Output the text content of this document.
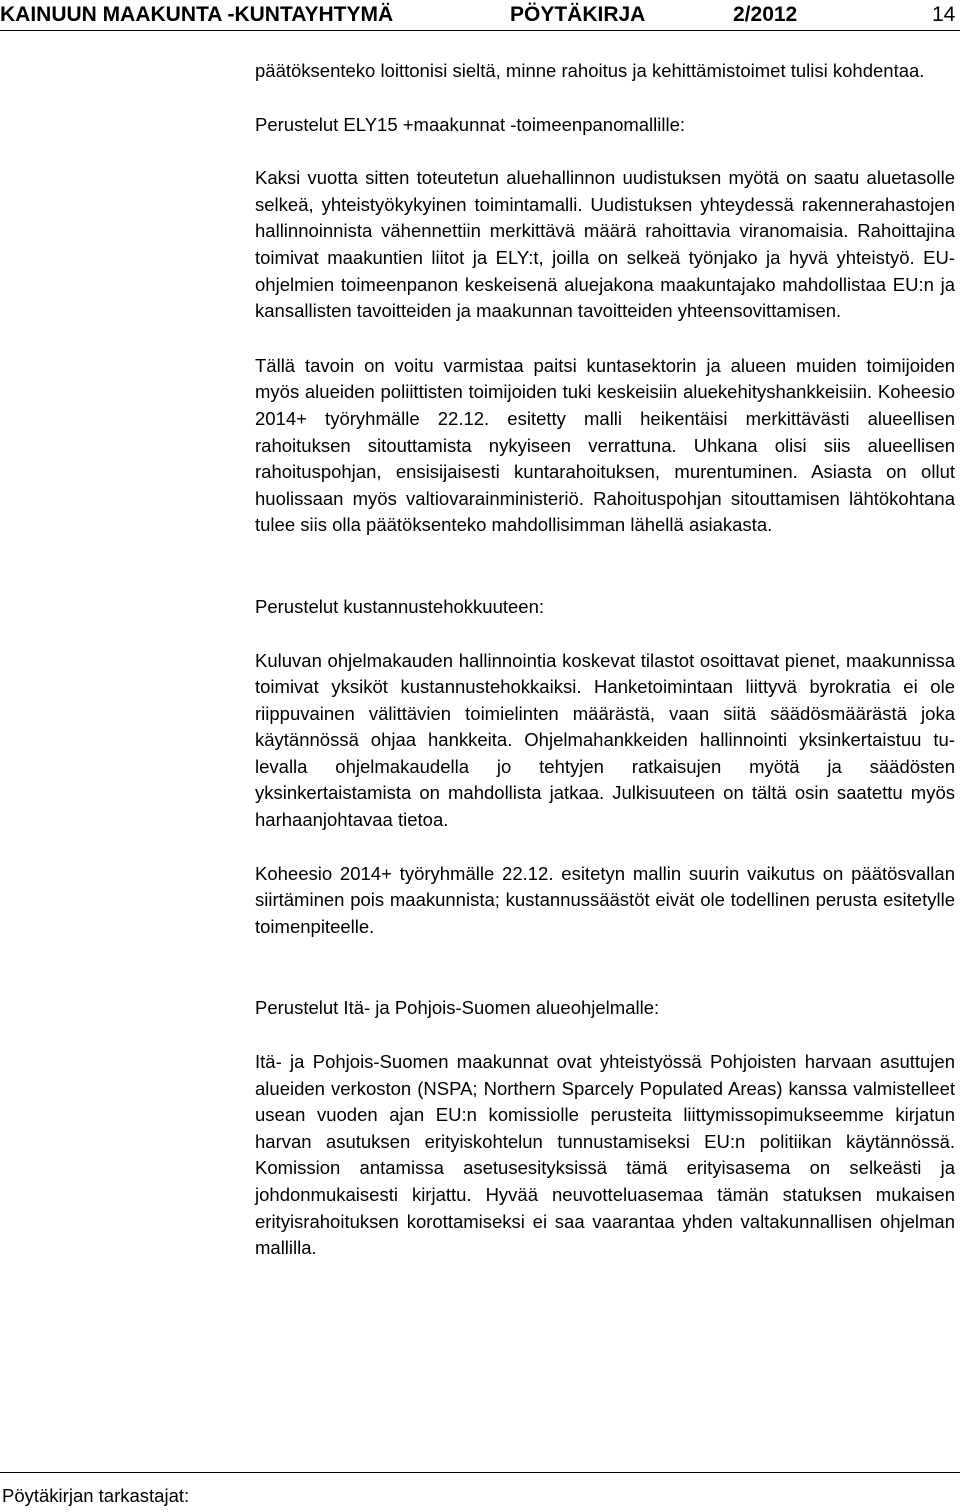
KAINUUN MAAKUNTA -KUNTAYHTYMÄ	PÖYTÄKIRJA	2/2012	14

päätöksenteko loittonisi sieltä, minne rahoitus ja kehittämistoimet tulisi kohdentaa.

Perustelut ELY15 +maakunnat -toimeenpanomallille:

Kaksi vuotta sitten toteutetun aluehallinnon uudistuksen myötä on saatu aluetasolle selkeä, yhteistyökykyinen toimintamalli. Uudistuksen yhteydessä rakennerahastojen hallinnoinnista vähennettiin merkittävä määrä rahoittavia viranomaisia. Rahoittajina toimivat maakuntien liitot ja ELY:t, joilla on selkeä työnjako ja hyvä yhteistyö. EU-ohjelmien toimeenpanon keskeisenä aluejakona maakuntajako mahdollistaa EU:n ja kansallisten tavoitteiden ja maakunnan tavoitteiden yhteensovittamisen.

Tällä tavoin on voitu varmistaa paitsi kuntasektorin ja alueen muiden toimijoiden myös alueiden poliittisten toimijoiden tuki keskeisiin aluekehityshankkeisiin. Koheesio 2014+ työryhmälle 22.12. esitetty malli heikentäisi merkittävästi alueellisen rahoituksen sitouttamista nykyiseen verrattuna. Uhkana olisi siis alueellisen rahoituspohjan, ensisijaisesti kuntarahoituksen, murentuminen. Asiasta on ollut huolissaan myös valtiovarainministeriö. Rahoituspohjan sitouttamisen lähtökohtana tulee siis olla päätöksenteko mahdollisimman lähellä asiakasta.

Perustelut kustannustehokkuuteen:

Kuluvan ohjelmakauden hallinnointia koskevat tilastot osoittavat pienet, maakunnissa toimivat yksiköt kustannustehokkaiksi. Hanketoimintaan liittyvä byrokratia ei ole riippuvainen välittävien toimielinten määrästä, vaan siitä säädösmäärästä joka käytännössä ohjaa hankkeita. Ohjelmahankkeiden hallinnointi yksinkertaistuu tulevalla ohjelmakaudella jo tehtyjen ratkaisujen myötä ja säädösten yksinkertaistamista on mahdollista jatkaa. Julkisuuteen on tältä osin saatettu myös harhaanjohtavaa tietoa.

Koheesio 2014+ työryhmälle 22.12. esitetyn mallin suurin vaikutus on päätösvallan siirtäminen pois maakunnista; kustannussäästöt eivät ole todellinen perusta esitetylle toimenpiteelle.

Perustelut Itä- ja Pohjois-Suomen alueohjelmalle:

Itä- ja Pohjois-Suomen maakunnat ovat yhteistyössä Pohjoisten harvaan asuttujen alueiden verkoston (NSPA; Northern Sparcely Populated Areas) kanssa valmistelleet usean vuoden ajan EU:n komissiolle perusteita liittymissopimukseemme kirjatun harvan asutuksen erityiskohtelun tunnustamiseksi EU:n politiikan käytännössä. Komission antamissa asetusesityksissä tämä erityisasema on selkeästi ja johdonmukaisesti kirjattu. Hyvää neuvotteluasemaa tämän statuksen mukaisen erityisrahoituksen korottamiseksi ei saa vaarantaa yhden valtakunnallisen ohjelman mallilla.

Pöytäkirjan tarkastajat:
